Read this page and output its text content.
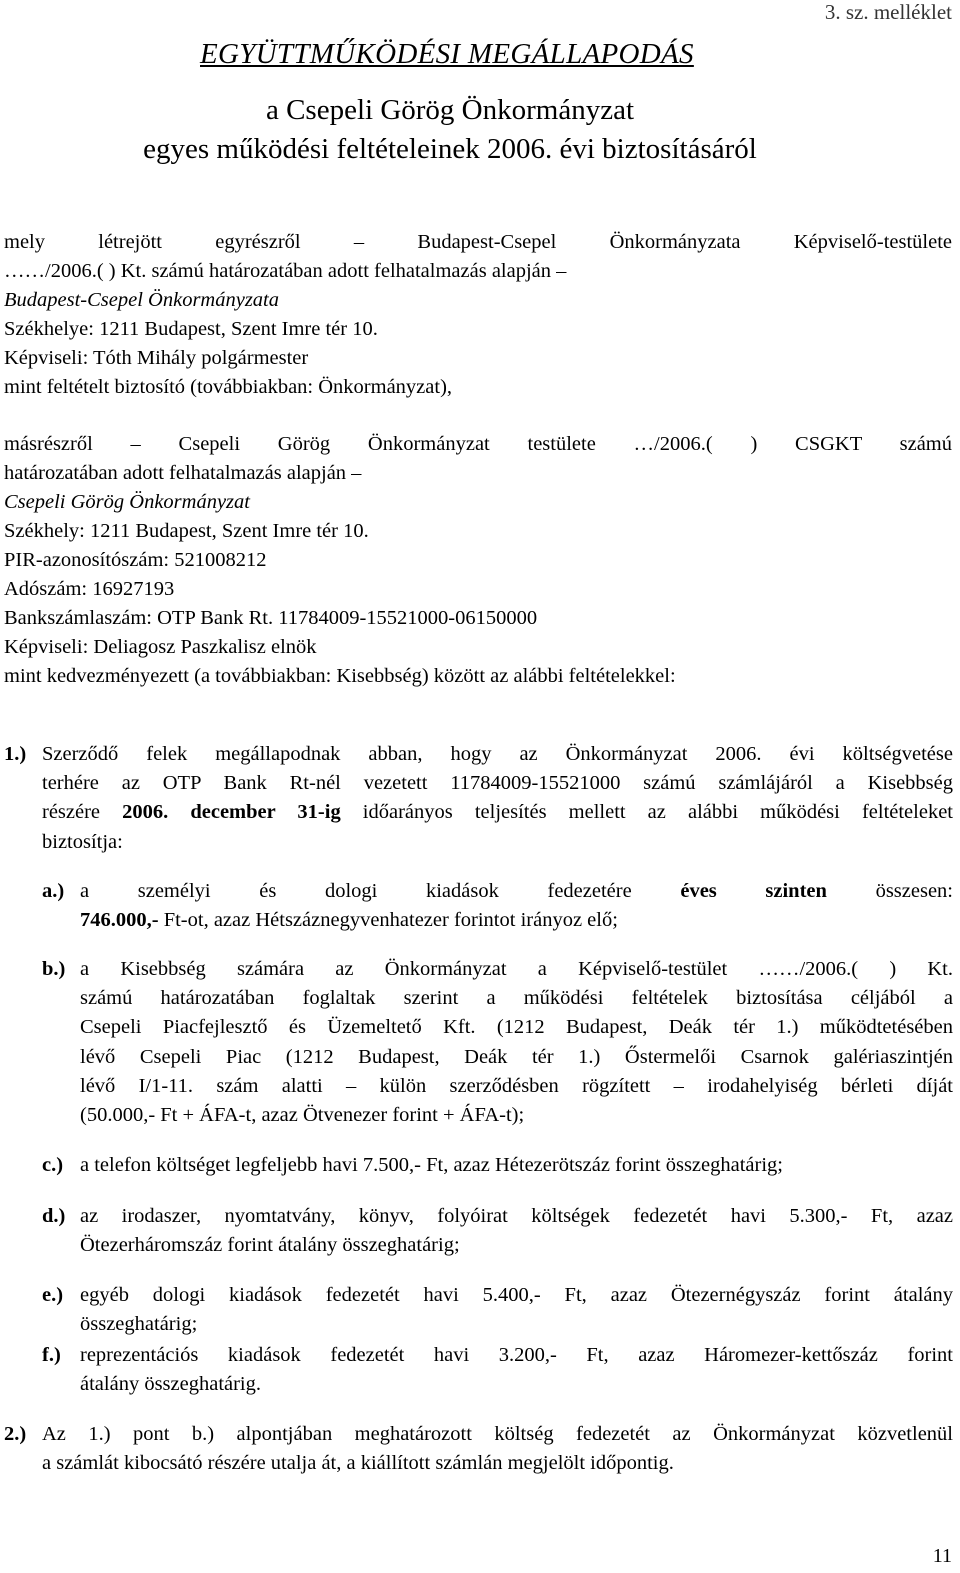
3. sz. melléklet
EGYÜTTMŰKÖDÉSI MEGÁLLAPODÁS
a Csepeli Görög Önkormányzat
egyes működési feltételeinek 2006. évi biztosításáról
mely létrejött egyrészről – Budapest-Csepel Önkormányzata Képviselő-testülete
……/2006.( ) Kt. számú határozatában adott felhatalmazás alapján –
Budapest-Csepel Önkormányzata
Székhelye: 1211 Budapest, Szent Imre tér 10.
Képviseli: Tóth Mihály polgármester
mint feltételt biztosító (továbbiakban: Önkormányzat),
másrészről – Csepeli Görög Önkormányzat testülete …/2006.( ) CSGKT számú
határozatában adott felhatalmazás alapján –
Csepeli Görög Önkormányzat
Székhely: 1211 Budapest, Szent Imre tér 10.
PIR-azonosítószám: 521008212
Adószám: 16927193
Bankszámlaszám: OTP Bank Rt. 11784009-15521000-06150000
Képviseli: Deliagosz Paszkalisz elnök
mint kedvezményezett (a továbbiakban: Kisebbség) között az alábbi feltételekkel:
1.) Szerződő felek megállapodnak abban, hogy az Önkormányzat 2006. évi költségvetése

terhére az OTP Bank Rt-nél vezetett 11784009-15521000 számú számlájáról a Kisebbség

részére 2006. december 31-ig időarányos teljesítés mellett az alábbi működési feltételeket

biztosítja:

a.) a személyi és dologi kiadások fedezetére éves szinten összesen:

746.000,- Ft-ot, azaz Hétszáznegyvenhatezer forintot irányoz elő;

b.) a Kisebbség számára az Önkormányzat a Képviselő-testület ……/2006.( ) Kt.

számú határozatában foglaltak szerint a működési feltételek biztosítása céljából a

Csepeli Piacfejlesztő és Üzemeltető Kft. (1212 Budapest, Deák tér 1.) működtetésében

lévő Csepeli Piac (1212 Budapest, Deák tér 1.) Őstermelői Csarnok galériaszintjén

lévő I/1-11. szám alatti – külön szerződésben rögzített – irodahelyiség bérleti díját

(50.000,- Ft + ÁFA-t, azaz Ötvenezer forint + ÁFA-t);

c.) a telefon költséget legfeljebb havi 7.500,- Ft, azaz Hétezerötszáz forint összeghatárig;

d.) az irodaszer, nyomtatvány, könyv, folyóirat költségek fedezetét havi 5.300,- Ft, azaz

Ötezerháromszáz forint átalány összeghatárig;

e.) egyéb dologi kiadások fedezetét havi 5.400,- Ft, azaz Ötezernégyszáz forint átalány

összeghatárig;

f.) reprezentációs kiadások fedezetét havi 3.200,- Ft, azaz Háromezer-kettőszáz forint

átalány összeghatárig.

2.) Az 1.) pont b.) alpontjában meghatározott költség fedezetét az Önkormányzat közvetlenül

a számlát kibocsátó részére utalja át, a kiállított számlán megjelölt időpontig.

11
